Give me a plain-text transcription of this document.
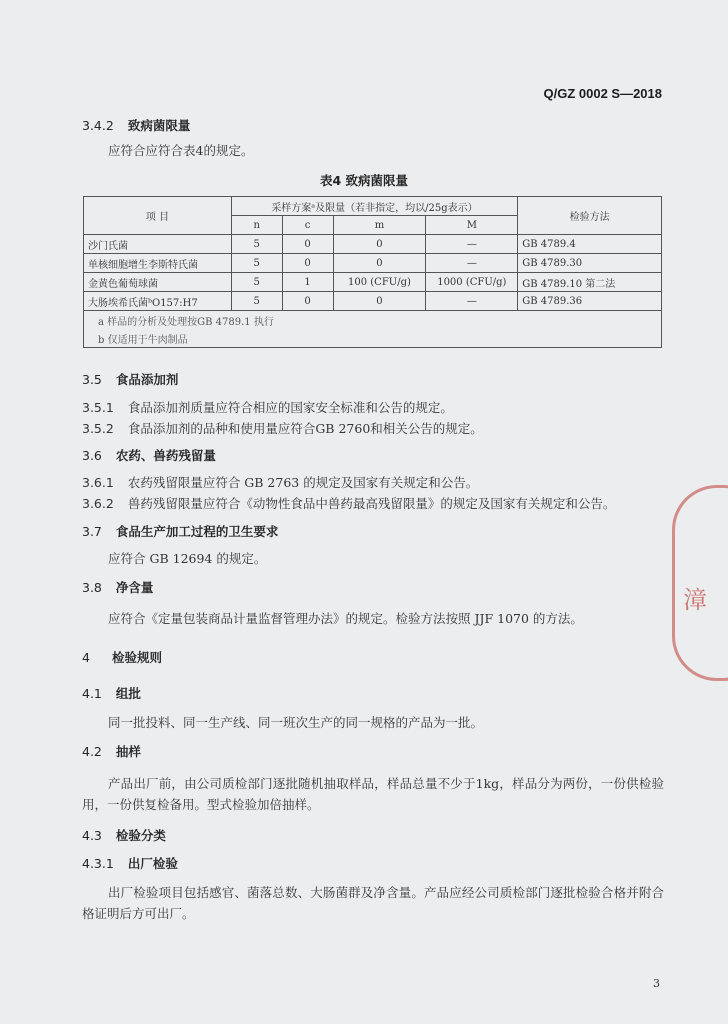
Q/GZ 0002 S—2018
3.4.2 致病菌限量
应符合应符合表4的规定。
表4 致病菌限量
项 目	采样方案ᵃ及限量（若非指定，均以/25g表示）				检验方法
	n	c	m	M	
沙门氏菌	5	0	0	—	GB 4789.4
单核细胞增生李斯特氏菌	5	0	0	—	GB 4789.30
金黄色葡萄球菌	5	1	100 (CFU/g)	1000 (CFU/g)	GB 4789.10 第二法
大肠埃希氏菌ᵇO157:H7	5	0	0	—	GB 4789.36
a 样品的分析及处理按GB 4789.1 执行					
b 仅适用于牛肉制品					
3.5 食品添加剂
3.5.1 食品添加剂质量应符合相应的国家安全标准和公告的规定。
3.5.2 食品添加剂的品种和使用量应符合GB 2760和相关公告的规定。
3.6 农药、兽药残留量
3.6.1 农药残留限量应符合 GB 2763 的规定及国家有关规定和公告。
3.6.2 兽药残留限量应符合《动物性食品中兽药最高残留限量》的规定及国家有关规定和公告。
3.7 食品生产加工过程的卫生要求
应符合 GB 12694 的规定。
3.8 净含量
应符合《定量包装商品计量监督管理办法》的规定。检验方法按照 JJF 1070 的方法。
4 检验规则
4.1 组批
同一批投料、同一生产线、同一班次生产的同一规格的产品为一批。
4.2 抽样
产品出厂前，由公司质检部门逐批随机抽取样品，样品总量不少于1kg，样品分为两份，一份供检验用，一份供复检备用。型式检验加倍抽样。
4.3 检验分类
4.3.1 出厂检验
出厂检验项目包括感官、菌落总数、大肠菌群及净含量。产品应经公司质检部门逐批检验合格并附合格证明后方可出厂。
漳
3
